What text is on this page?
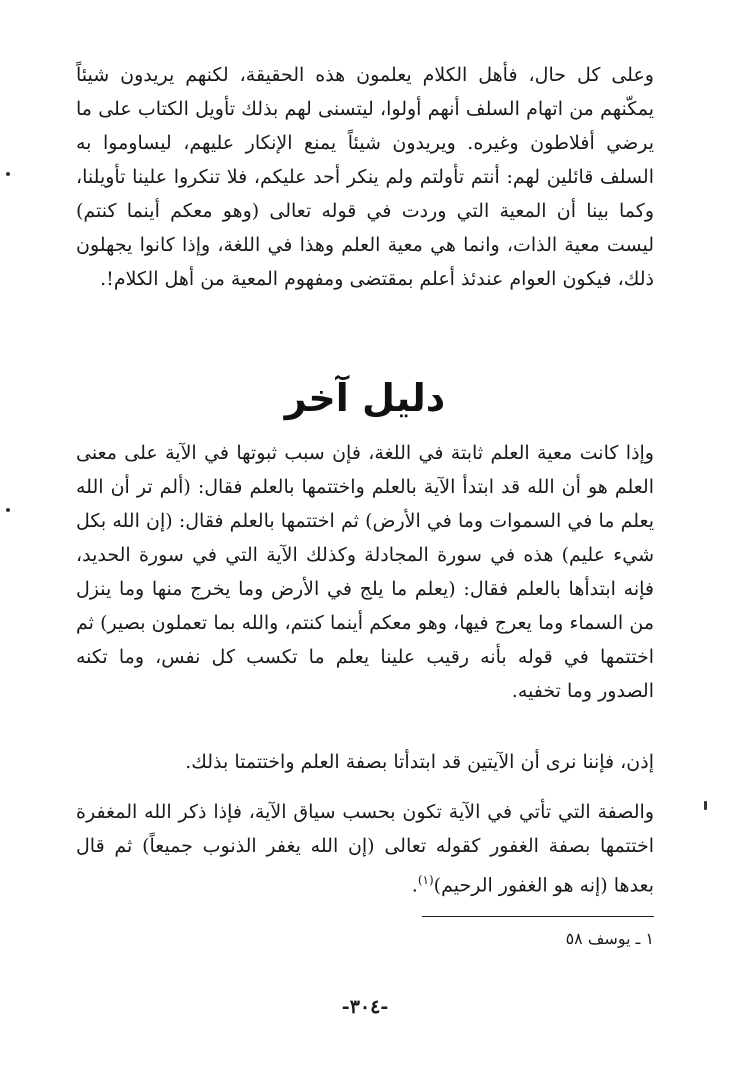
وعلى كل حال، فأهل الكلام يعلمون هذه الحقيقة، لكنهم يريدون شيئاً يمكّنهم من اتهام السلف أنهم أولوا، ليتسنى لهم بذلك تأويل الكتاب على ما يرضي أفلاطون وغيره. ويريدون شيئاً يمنع الإنكار عليهم، ليساوموا به السلف قائلين لهم: أنتم تأولتم ولم ينكر أحد عليكم، فلا تنكروا علينا تأويلنا، وكما بينا أن المعية التي وردت في قوله تعالى (وهو معكم أينما كنتم) ليست معية الذات، وانما هي معية العلم وهذا في اللغة، وإذا كانوا يجهلون ذلك، فيكون العوام عندئذ أعلم بمقتضى ومفهوم المعية من أهل الكلام!.

دليل آخر

وإذا كانت معية العلم ثابتة في اللغة، فإن سبب ثبوتها في الآية على معنى العلم هو أن الله قد ابتدأ الآية بالعلم واختتمها بالعلم فقال: (ألم تر أن الله يعلم ما في السموات وما في الأرض) ثم اختتمها بالعلم فقال: (إن الله بكل شيء عليم) هذه في سورة المجادلة وكذلك الآية التي في سورة الحديد، فإنه ابتدأها بالعلم فقال: (يعلم ما يلج في الأرض وما يخرج منها وما ينزل من السماء وما يعرج فيها، وهو معكم أينما كنتم، والله بما تعملون بصير) ثم اختتمها في قوله بأنه رقيب علينا يعلم ما تكسب كل نفس، وما تكنه الصدور وما تخفيه.

إذن، فإننا نرى أن الآيتين قد ابتدأتا بصفة العلم واختتمتا بذلك.

والصفة التي تأتي في الآية تكون بحسب سياق الآية، فإذا ذكر الله المغفرة اختتمها بصفة الغفور كقوله تعالى (إن الله يغفر الذنوب جميعاً) ثم قال بعدها (إنه هو الغفور الرحيم)$^{(١)}$.

١ ـ يوسف ٥٨
-٣٠٤-
